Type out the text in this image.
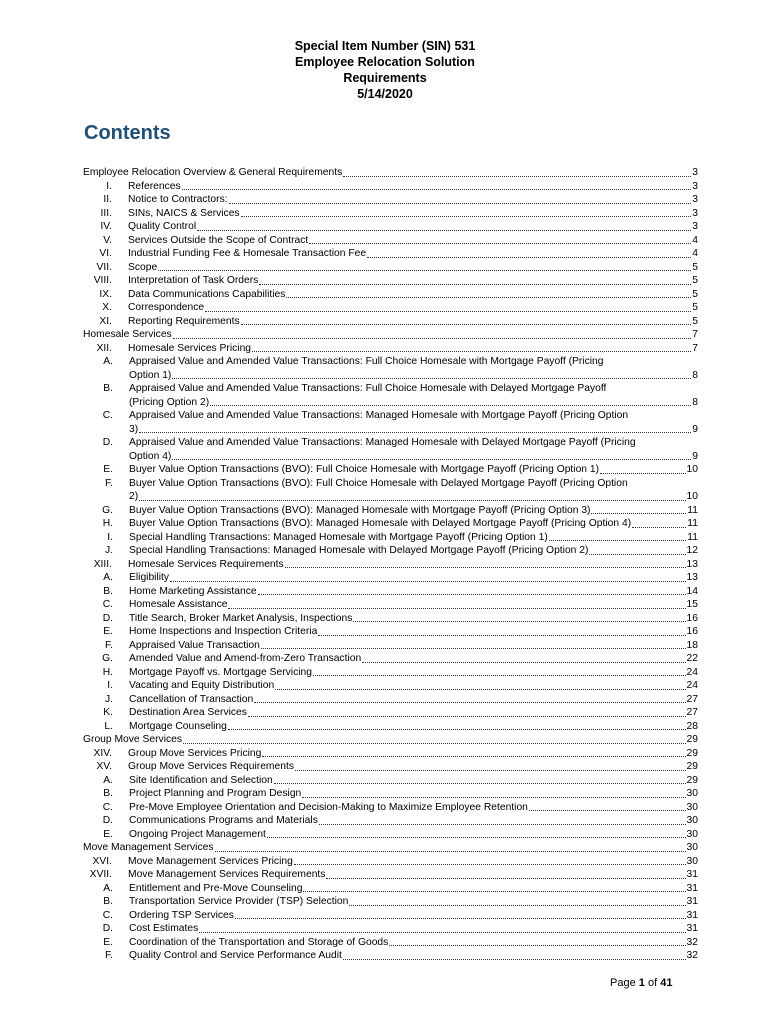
Special Item Number (SIN) 531
Employee Relocation Solution
Requirements
5/14/2020
Contents
Employee Relocation Overview & General Requirements	3
I. References	3
II. Notice to Contractors:	3
III. SINs, NAICS & Services	3
IV. Quality Control	3
V. Services Outside the Scope of Contract	4
VI. Industrial Funding Fee & Homesale Transaction Fee	4
VII. Scope	5
VIII. Interpretation of Task Orders	5
IX. Data Communications Capabilities	5
X. Correspondence	5
XI. Reporting Requirements	5
Homesale Services	7
XII. Homesale Services Pricing	7
A. Appraised Value and Amended Value Transactions: Full Choice Homesale with Mortgage Payoff (Pricing
Option 1)	8
B. Appraised Value and Amended Value Transactions: Full Choice Homesale with Delayed Mortgage Payoff
(Pricing Option 2)	8
C. Appraised Value and Amended Value Transactions: Managed Homesale with Mortgage Payoff (Pricing Option
3)	9
D. Appraised Value and Amended Value Transactions: Managed Homesale with Delayed Mortgage Payoff (Pricing
Option 4)	9
E. Buyer Value Option Transactions (BVO): Full Choice Homesale with Mortgage Payoff (Pricing Option 1)	10
F. Buyer Value Option Transactions (BVO): Full Choice Homesale with Delayed Mortgage Payoff (Pricing Option
2)	10
G. Buyer Value Option Transactions (BVO): Managed Homesale with Mortgage Payoff (Pricing Option 3)	11
H. Buyer Value Option Transactions (BVO): Managed Homesale with Delayed Mortgage Payoff (Pricing Option 4)	11
I. Special Handling Transactions: Managed Homesale with Mortgage Payoff (Pricing Option 1)	11
J. Special Handling Transactions: Managed Homesale with Delayed Mortgage Payoff (Pricing Option 2)	12
XIII. Homesale Services Requirements	13
A. Eligibility	13
B. Home Marketing Assistance	14
C. Homesale Assistance	15
D. Title Search, Broker Market Analysis, Inspections	16
E. Home Inspections and Inspection Criteria	16
F. Appraised Value Transaction	18
G. Amended Value and Amend-from-Zero Transaction	22
H. Mortgage Payoff vs. Mortgage Servicing	24
I. Vacating and Equity Distribution	24
J. Cancellation of Transaction	27
K. Destination Area Services	27
L. Mortgage Counseling	28
Group Move Services	29
XIV. Group Move Services Pricing	29
XV. Group Move Services Requirements	29
A. Site Identification and Selection	29
B. Project Planning and Program Design	30
C. Pre-Move Employee Orientation and Decision-Making to Maximize Employee Retention	30
D. Communications Programs and Materials	30
E. Ongoing Project Management	30
Move Management Services	30
XVI. Move Management Services Pricing	30
XVII. Move Management Services Requirements	31
A. Entitlement and Pre-Move Counseling	31
B. Transportation Service Provider (TSP) Selection	31
C. Ordering TSP Services	31
D. Cost Estimates	31
E. Coordination of the Transportation and Storage of Goods	32
F. Quality Control and Service Performance Audit	32
Page 1 of 41
